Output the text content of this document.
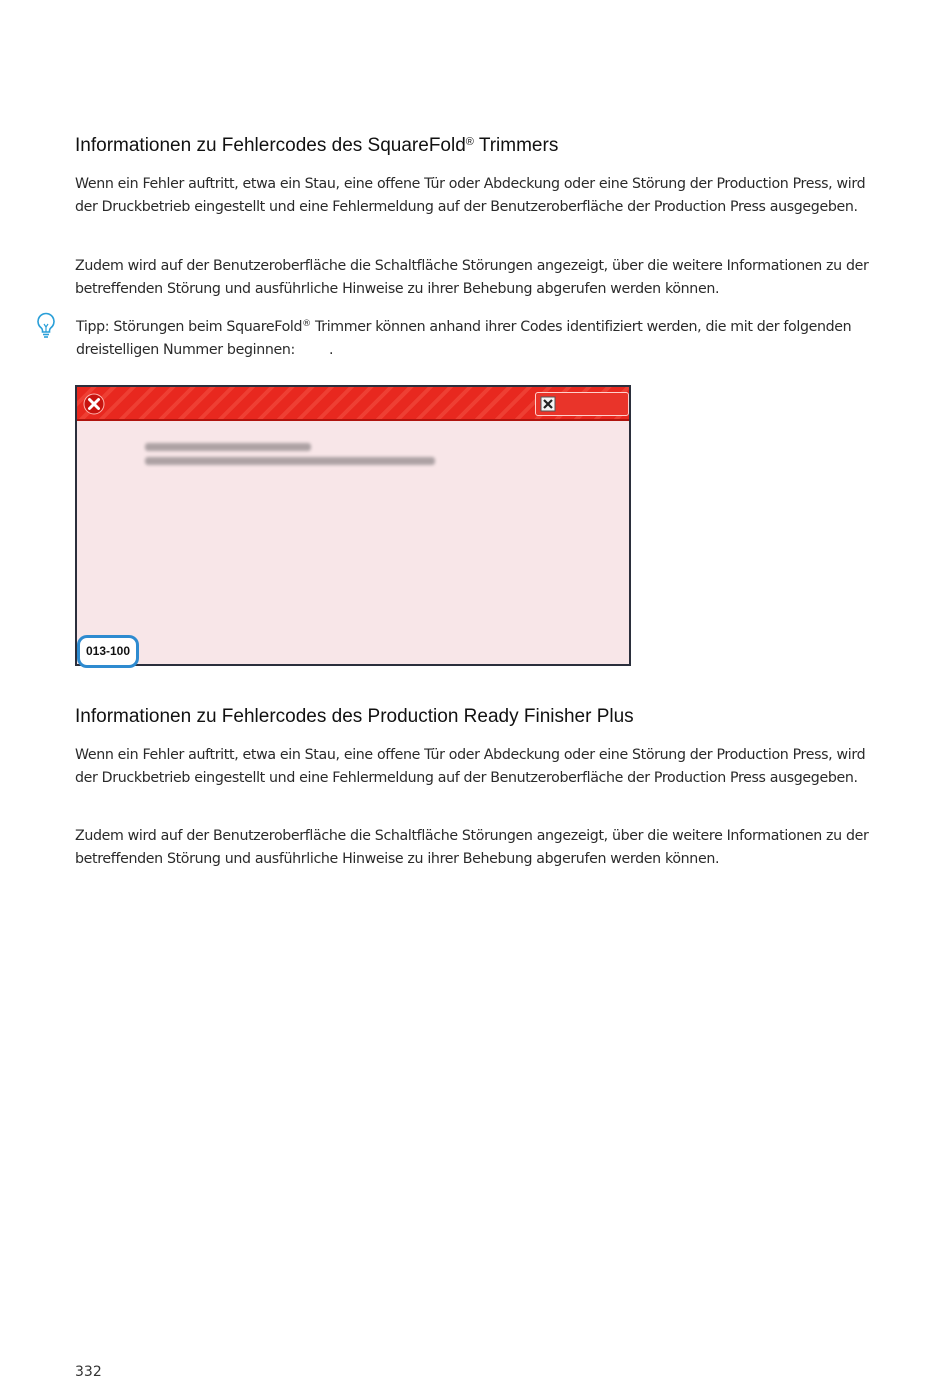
Informationen zu Fehlercodes des SquareFold® Trimmers

Wenn ein Fehler auftritt, etwa ein Stau, eine offene Tür oder Abdeckung oder eine Störung der Production Press, wird der Druckbetrieb eingestellt und eine Fehlermeldung auf der Benutzeroberfläche der Production Press ausgegeben.

Zudem wird auf der Benutzeroberfläche die Schaltfläche Störungen angezeigt, über die weitere Informationen zu der betreffenden Störung und ausführliche Hinweise zu ihrer Behebung abgerufen werden können.

Tipp: Störungen beim SquareFold® Trimmer können anhand ihrer Codes identifiziert werden, die mit der folgenden dreistelligen Nummer beginnen: .

013-100
Informationen zu Fehlercodes des Production Ready Finisher Plus

Wenn ein Fehler auftritt, etwa ein Stau, eine offene Tür oder Abdeckung oder eine Störung der Production Press, wird der Druckbetrieb eingestellt und eine Fehlermeldung auf der Benutzeroberfläche der Production Press ausgegeben.

Zudem wird auf der Benutzeroberfläche die Schaltfläche Störungen angezeigt, über die weitere Informationen zu der betreffenden Störung und ausführliche Hinweise zu ihrer Behebung abgerufen werden können.

332
